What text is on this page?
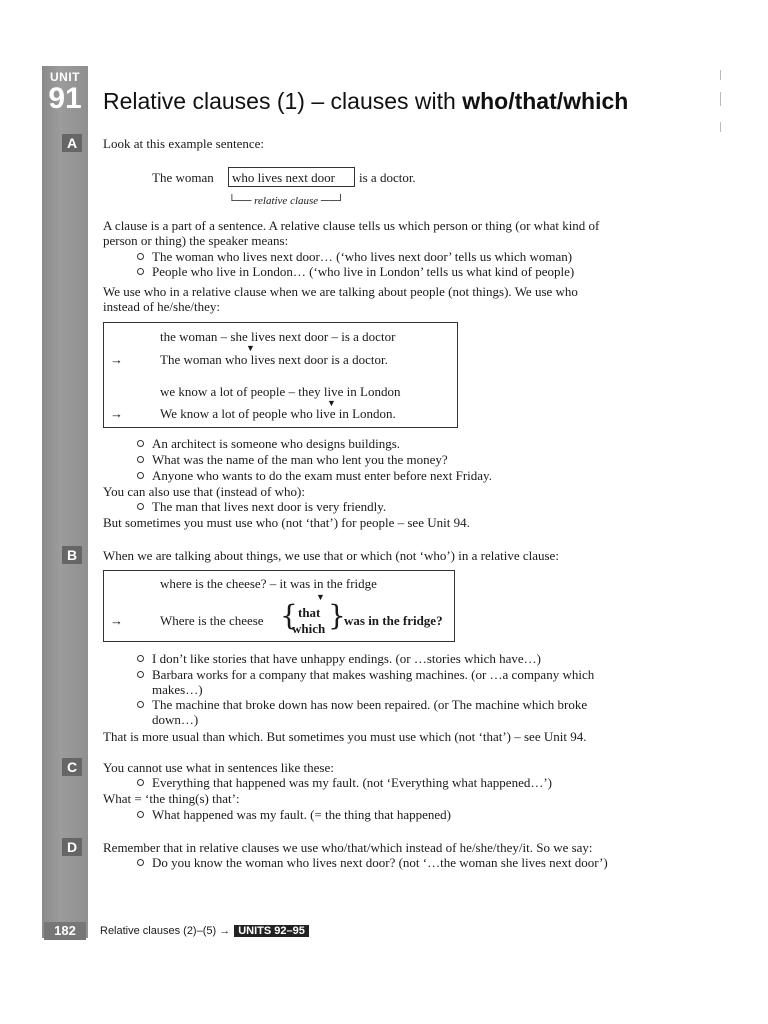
UNIT
91
A
B
C
D
182
Relative clauses (1) – clauses with who/that/which
Look at this example sentence:
The woman who lives next door is a doctor.
└── relative clause ──┘
A clause is a part of a sentence. A relative clause tells us which person or thing (or what kind of
person or thing) the speaker means:
The woman who lives next door… (‘who lives next door’ tells us which woman)
People who live in London… (‘who live in London’ tells us what kind of people)
We use who in a relative clause when we are talking about people (not things). We use who
instead of he/she/they:
the woman – she lives next door – is a doctor
▼
→	The woman who lives next door is a doctor.
we know a lot of people – they live in London
▼
→	We know a lot of people who live in London.
An architect is someone who designs buildings.
What was the name of the man who lent you the money?
Anyone who wants to do the exam must enter before next Friday.
You can also use that (instead of who):
The man that lives next door is very friendly.
But sometimes you must use who (not ‘that’) for people – see Unit 94.
When we are talking about things, we use that or which (not ‘who’) in a relative clause:
where is the cheese? – it was in the fridge
▼
→	Where is the cheese { that
which }
was in the fridge?
I don’t like stories that have unhappy endings. (or …stories which have…)
Barbara works for a company that makes washing machines. (or …a company which
makes…)
The machine that broke down has now been repaired. (or The machine which broke
down…)
That is more usual than which. But sometimes you must use which (not ‘that’) – see Unit 94.
You cannot use what in sentences like these:
Everything that happened was my fault. (not ‘Everything what happened…’)
What = ‘the thing(s) that’:
What happened was my fault. (= the thing that happened)
Remember that in relative clauses we use who/that/which instead of he/she/they/it. So we say:
Do you know the woman who lives next door? (not ‘…the woman she lives next door’)
Relative clauses (2)–(5) → UNITS 92–95
